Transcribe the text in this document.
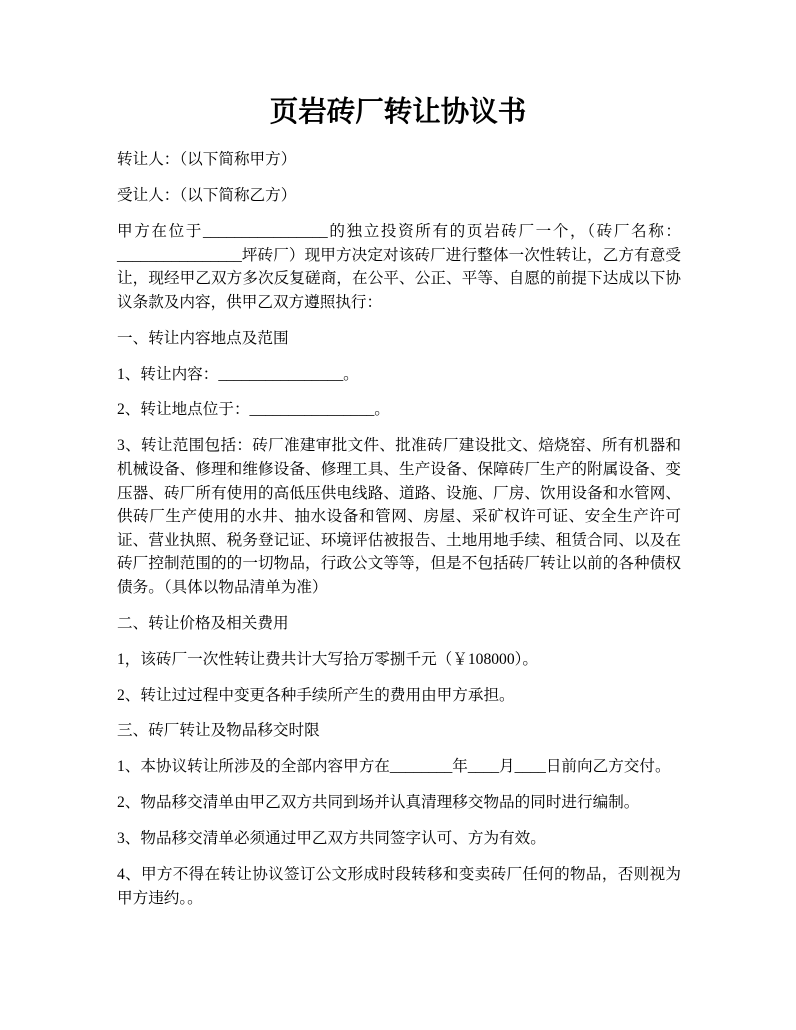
页岩砖厂转让协议书

转让人：（以下简称甲方）

受让人：（以下简称乙方）

甲方在位于________________的独立投资所有的页岩砖厂一个，（砖厂名称：
________________坪砖厂）现甲方决定对该砖厂进行整体一次性转让，乙方有意受
让，现经甲乙双方多次反复磋商，在公平、公正、平等、自愿的前提下达成以下协
议条款及内容，供甲乙双方遵照执行：

一、转让内容地点及范围

1、转让内容：________________。

2、转让地点位于：________________。

3、转让范围包括：砖厂准建审批文件、批准砖厂建设批文、焙烧窑、所有机器和
机械设备、修理和维修设备、修理工具、生产设备、保障砖厂生产的附属设备、变
压器、砖厂所有使用的高低压供电线路、道路、设施、厂房、饮用设备和水管网、
供砖厂生产使用的水井、抽水设备和管网、房屋、采矿权许可证、安全生产许可
证、营业执照、税务登记证、环境评估被报告、土地用地手续、租赁合同、以及在
砖厂控制范围的的一切物品，行政公文等等，但是不包括砖厂转让以前的各种债权
债务。（具体以物品清单为准）

二、转让价格及相关费用

1，该砖厂一次性转让费共计大写拾万零捌千元（￥108000）。

2、转让过过程中变更各种手续所产生的费用由甲方承担。

三、砖厂转让及物品移交时限

1、本协议转让所涉及的全部内容甲方在________年____月____日前向乙方交付。

2、物品移交清单由甲乙双方共同到场并认真清理移交物品的同时进行编制。

3、物品移交清单必须通过甲乙双方共同签字认可、方为有效。

4、甲方不得在转让协议签订公文形成时段转移和变卖砖厂任何的物品，否则视为
甲方违约。。
